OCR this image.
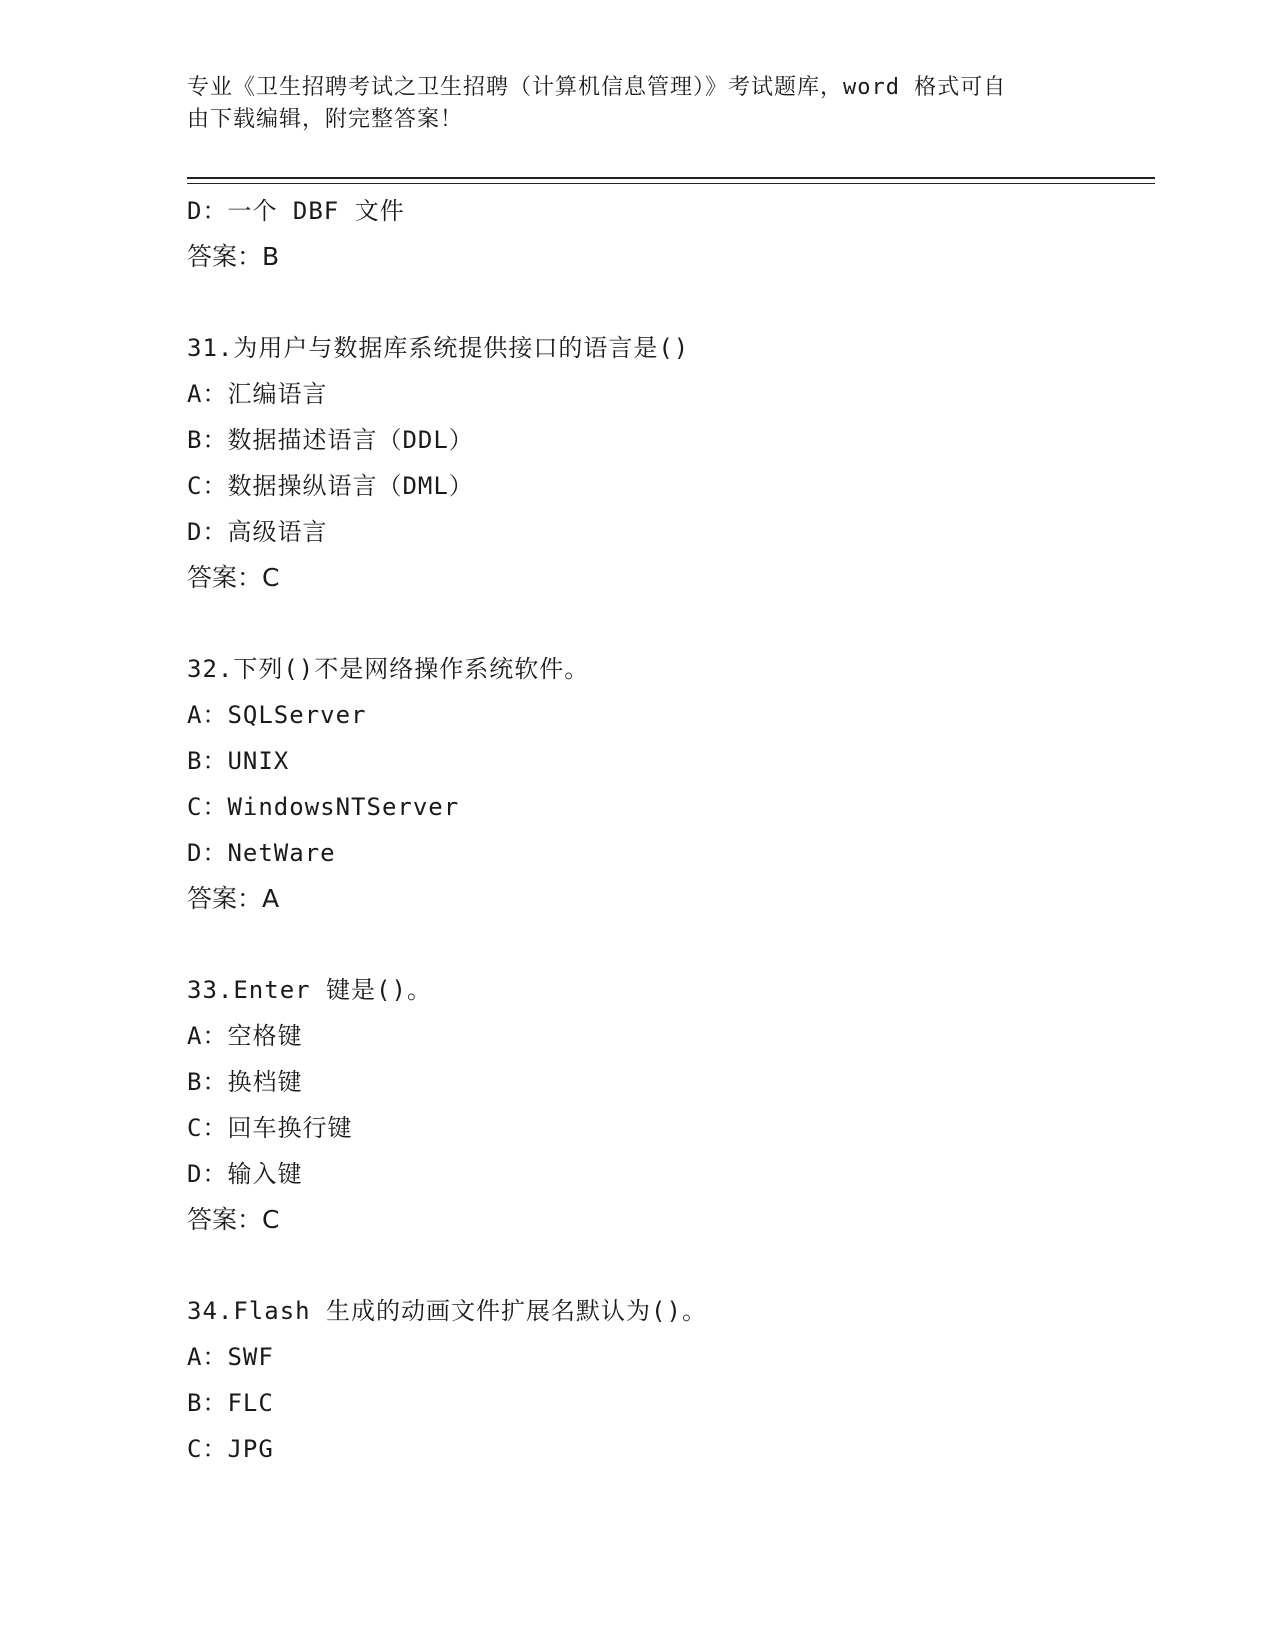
专业《卫生招聘考试之卫生招聘（计算机信息管理）》考试题库，word 格式可自
由下载编辑，附完整答案！
D：一个 DBF 文件
答案：B
31.为用户与数据库系统提供接口的语言是()
A：汇编语言
B：数据描述语言（DDL）
C：数据操纵语言（DML）
D：高级语言
答案：C
32.下列()不是网络操作系统软件。
A：SQLServer
B：UNIX
C：WindowsNTServer
D：NetWare
答案：A
33.Enter 键是()。
A：空格键
B：换档键
C：回车换行键
D：输入键
答案：C
34.Flash 生成的动画文件扩展名默认为()。
A：SWF
B：FLC
C：JPG
